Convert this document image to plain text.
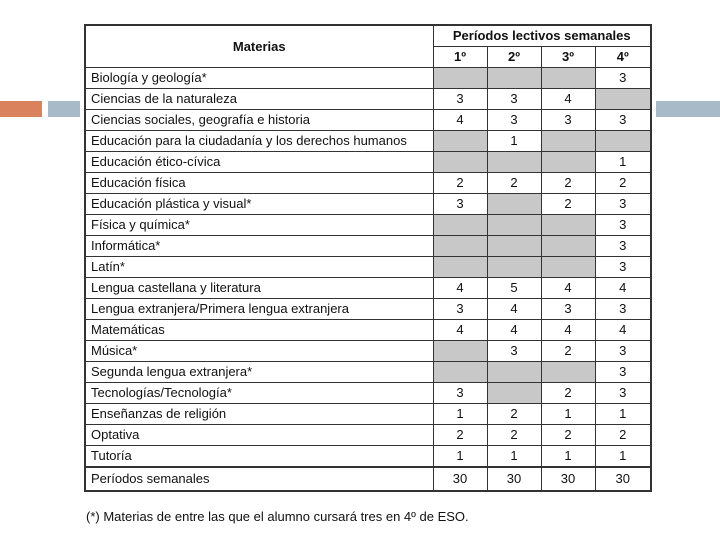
Materias	Períodos lectivos semanales			
	1º	2º	3º	4º
Biología y geología*				3
Ciencias de la naturaleza	3	3	4	
Ciencias sociales, geografía e historia	4	3	3	3
Educación para la ciudadanía y los derechos humanos		1		
Educación ético-cívica				1
Educación física	2	2	2	2
Educación plástica y visual*	3		2	3
Física y química*				3
Informática*				3
Latín*				3
Lengua castellana y literatura	4	5	4	4
Lengua extranjera/Primera lengua extranjera	3	4	3	3
Matemáticas	4	4	4	4
Música*		3	2	3
Segunda lengua extranjera*				3
Tecnologías/Tecnología*	3		2	3
Enseñanzas de religión	1	2	1	1
Optativa	2	2	2	2
Tutoría	1	1	1	1
Períodos semanales	30	30	30	30
(*) Materias de entre las que el alumno cursará tres en 4º de ESO.
